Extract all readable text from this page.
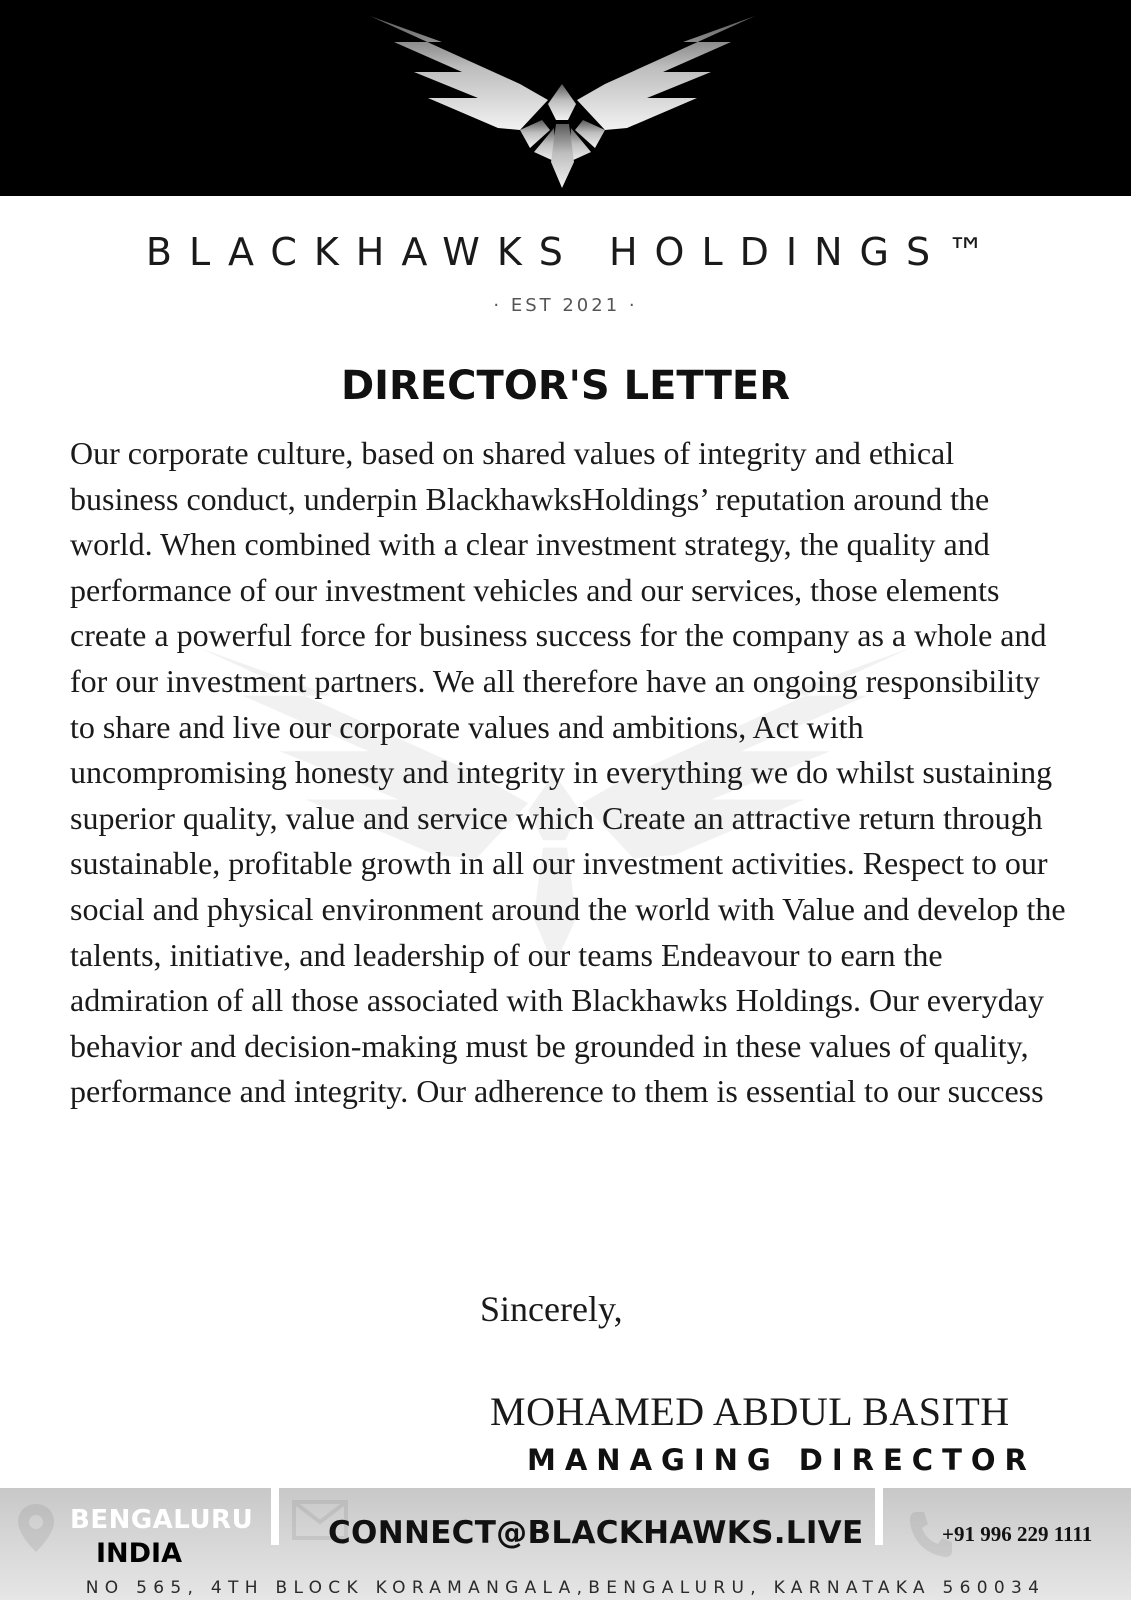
BLACKHAWKS HOLDINGS™
· EST 2021 ·
DIRECTOR'S LETTER

Our corporate culture, based on shared values of integrity and ethical business conduct, underpin BlackhawksHoldings’ reputation around the world. When combined with a clear investment strategy, the quality and performance of our investment vehicles and our services, those elements create a powerful force for business success for the company as a whole and for our investment partners. We all therefore have an ongoing responsibility to share and live our corporate values and ambitions, Act with uncompromising honesty and integrity in everything we do whilst sustaining superior quality, value and service which Create an attractive return through sustainable, profitable growth in all our investment activities. Respect to our social and physical environment around the world with Value and develop the talents, initiative, and leadership of our teams Endeavour to earn the admiration of all those associated with Blackhawks Holdings. Our everyday behavior and decision-making must be grounded in these values of quality, performance and integrity. Our adherence to them is essential to our success

Sincerely,
MOHAMED ABDUL BASITH
MANAGING DIRECTOR
BENGALURU
INDIA
CONNECT@BLACKHAWKS.LIVE	+91 996 229 1111
NO 565, 4TH BLOCK KORAMANGALA,BENGALURU, KARNATAKA 560034
